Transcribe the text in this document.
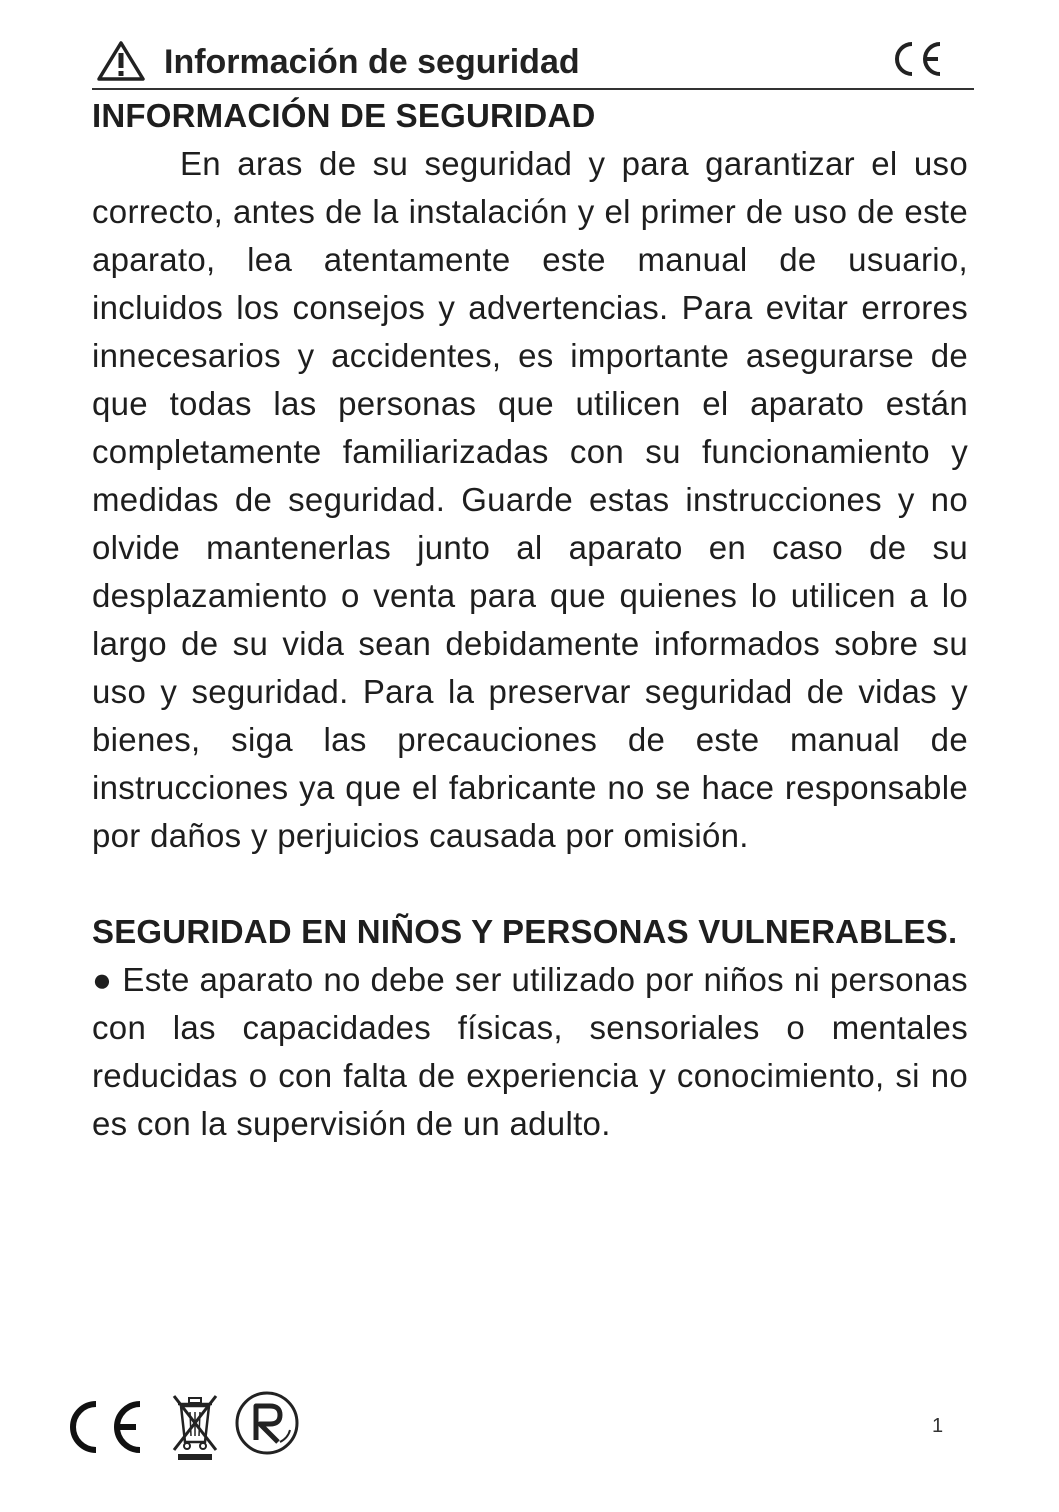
Información de seguridad
INFORMACIÓN DE SEGURIDAD

En aras de su seguridad y para garantizar el uso correcto, antes de la instalación y el primer de uso de este aparato, lea atentamente este manual de usuario, incluidos los consejos y advertencias. Para evitar errores innecesarios y accidentes, es importante asegurarse de que todas las personas que utilicen el aparato están completamente familiarizadas con su funcionamiento y medidas de seguridad. Guarde estas instrucciones y no olvide mantenerlas junto al aparato en caso de su desplazamiento o venta para que quienes lo utilicen a lo largo de su vida sean debidamente informados sobre su uso y seguridad. Para la preservar seguridad de vidas y bienes, siga las precauciones de este manual de instrucciones ya que el fabricante no se hace responsable por daños y perjuicios causada por omisión.

SEGURIDAD EN NIÑOS Y PERSONAS VULNERABLES.

● Este aparato no debe ser utilizado por niños ni personas con las capacidades físicas, sensoriales o mentales reducidas o con falta de experiencia y conocimiento, si no es con la supervisión de un adulto.

1
